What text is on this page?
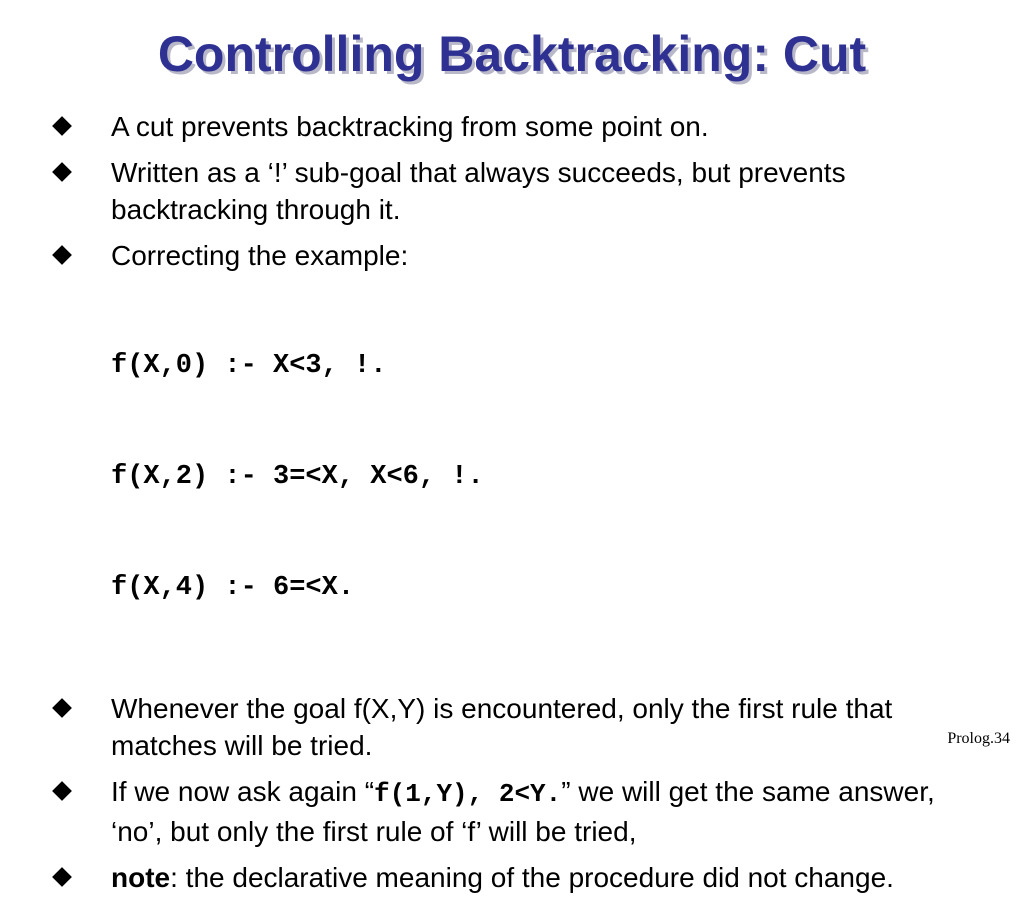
Controlling Backtracking: Cut
A cut prevents backtracking from some point on.
Written as a ‘!’ sub-goal that always succeeds, but prevents backtracking through it.
Correcting the example:

f(X,0) :- X<3, !.

f(X,2) :- 3=<X, X<6, !.

f(X,4) :- 6=<X.

Whenever the goal f(X,Y) is encountered, only the first rule that matches will be tried.
If we now ask again “f(1,Y), 2<Y.” we will get the same answer, ‘no’, but only the first rule of ‘f’ will be tried,
note: the declarative meaning of the procedure did not change.
Prolog.34
